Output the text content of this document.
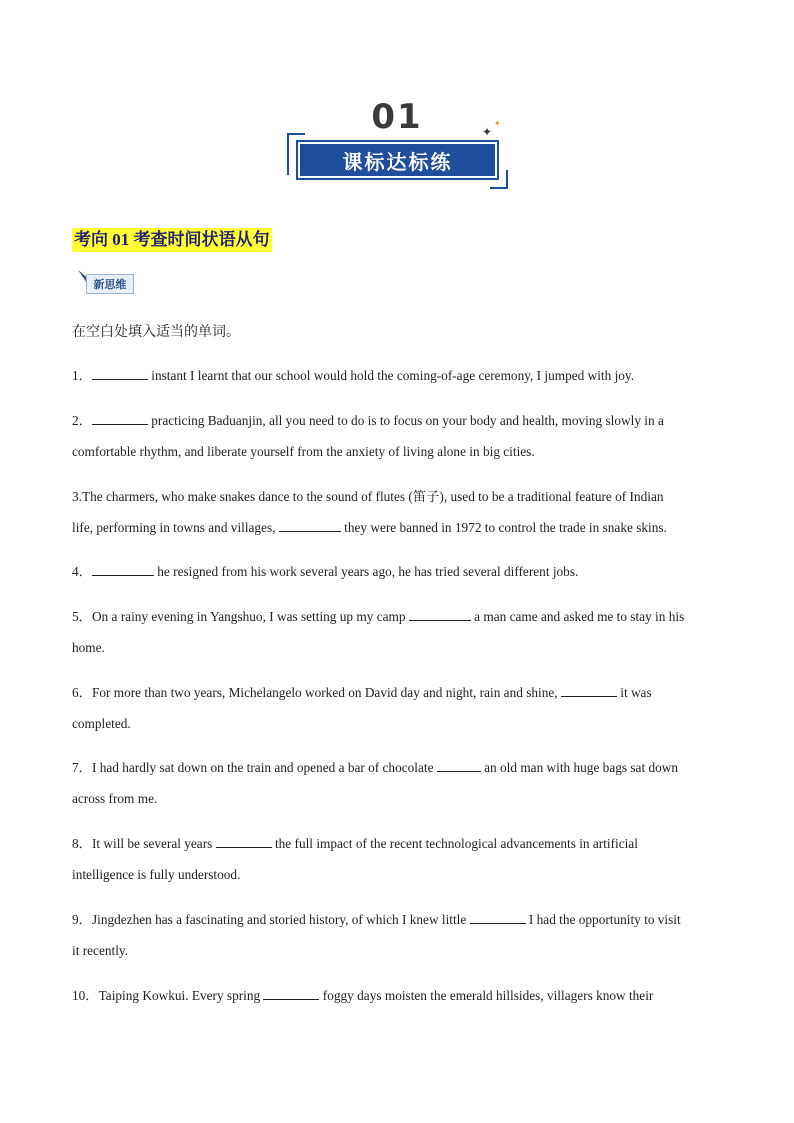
01
课标达标练
✦
✦
考向 01 考查时间状语从句
新思维
在空白处填入适当的单词。
1．	instant I learnt that our school would hold the coming-of-age ceremony, I jumped with joy.
2．	practicing Baduanjin, all you need to do is to focus on your body and health, moving slowly in a
comfortable rhythm, and liberate yourself from the anxiety of living alone in big cities.
3.The charmers, who make snakes dance to the sound of flutes (笛子), used to be a traditional feature of Indian
life, performing in towns and villages,	they were banned in 1972 to control the trade in snake skins.
4．	he resigned from his work several years ago, he has tried several different jobs.
5．On a rainy evening in Yangshuo, I was setting up my camp	a man came and asked me to stay in his
home.
6．For more than two years, Michelangelo worked on David day and night, rain and shine,	it was
completed.
7．I had hardly sat down on the train and opened a bar of chocolate	an old man with huge bags sat down
across from me.
8．It will be several years	the full impact of the recent technological advancements in artificial
intelligence is fully understood.
9．Jingdezhen has a fascinating and storied history, of which I knew little	I had the opportunity to visit
it recently.
10．Taiping Kowkui. Every spring	foggy days moisten the emerald hillsides, villagers know their
